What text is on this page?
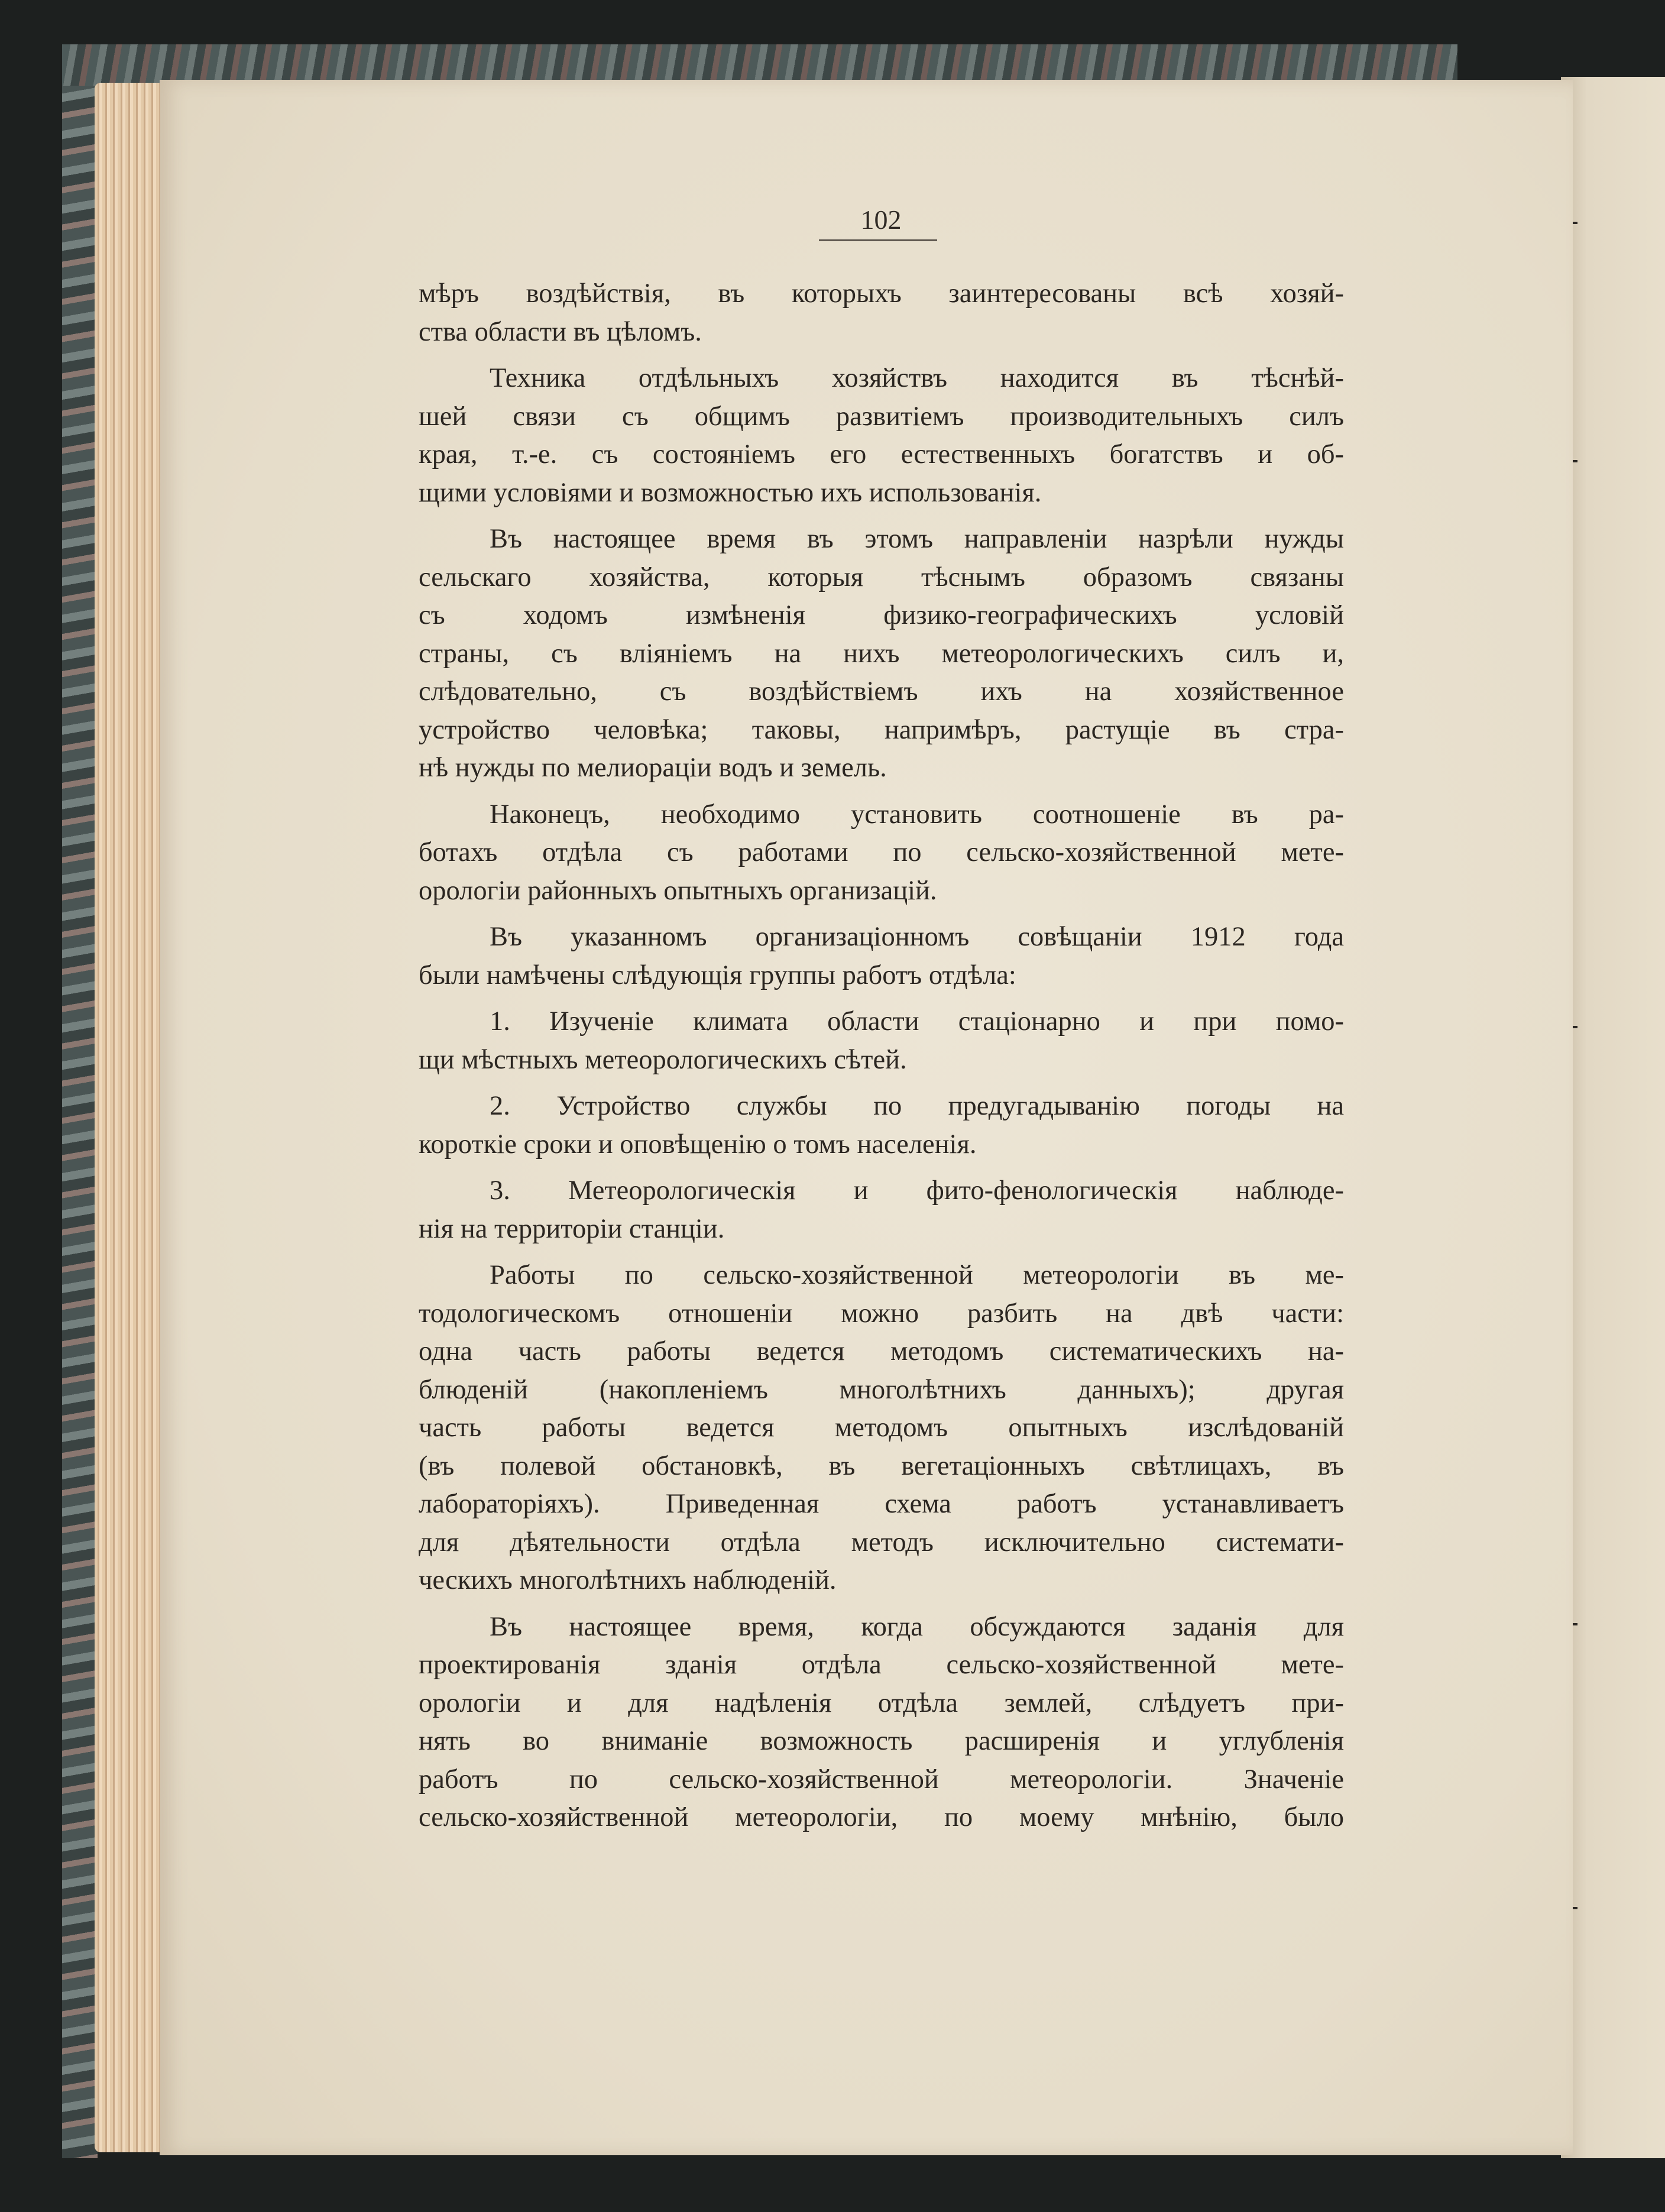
102
мѣръ воздѣйствія, въ которыхъ заинтересованы всѣ хозяй-
ства области въ цѣломъ.
Техника отдѣльныхъ хозяйствъ находится въ тѣснѣй-
шей связи съ общимъ развитіемъ производительныхъ силъ
края, т.-е. съ состояніемъ его естественныхъ богатствъ и об-
щими условіями и возможностью ихъ использованія.
Въ настоящее время въ этомъ направленіи назрѣли нужды
сельскаго хозяйства, которыя тѣснымъ образомъ связаны
съ ходомъ измѣненія физико-географическихъ условій
страны, съ вліяніемъ на нихъ метеорологическихъ силъ и,
слѣдовательно, съ воздѣйствіемъ ихъ на хозяйственное
устройство человѣка; таковы, напримѣръ, растущіе въ стра-
нѣ нужды по мелиораціи водъ и земель.
Наконецъ, необходимо установить соотношеніе въ ра-
ботахъ отдѣла съ работами по сельско-хозяйственной мете-
орологіи районныхъ опытныхъ организацій.
Въ указанномъ организаціонномъ совѣщаніи 1912 года
были намѣчены слѣдующія группы работъ отдѣла:
1. Изученіе климата области стаціонарно и при помо-
щи мѣстныхъ метеорологическихъ сѣтей.
2. Устройство службы по предугадыванію погоды на
короткіе сроки и оповѣщенію о томъ населенія.
3. Метеорологическія и фито-фенологическія наблюде-
нія на территоріи станціи.
Работы по сельско-хозяйственной метеорологіи въ ме-
тодологическомъ отношеніи можно разбить на двѣ части:
одна часть работы ведется методомъ систематическихъ на-
блюденій (накопленіемъ многолѣтнихъ данныхъ); другая
часть работы ведется методомъ опытныхъ изслѣдованій
(въ полевой обстановкѣ, въ вегетаціонныхъ свѣтлицахъ, въ
лабораторіяхъ). Приведенная схема работъ устанавливаетъ
для дѣятельности отдѣла методъ исключительно системати-
ческихъ многолѣтнихъ наблюденій.
Въ настоящее время, когда обсуждаются заданія для
проектированія зданія отдѣла сельско-хозяйственной мете-
орологіи и для надѣленія отдѣла землей, слѣдуетъ при-
нять во вниманіе возможность расширенія и углубленія
работъ по сельско-хозяйственной метеорологіи. Значеніе
сельско-хозяйственной метеорологіи, по моему мнѣнію, было
